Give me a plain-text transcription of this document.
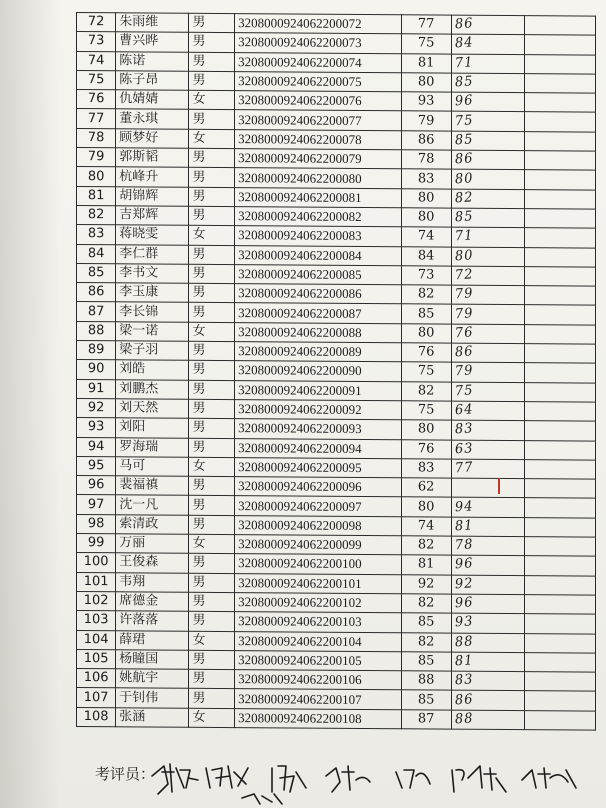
72	朱雨维	男	32080009240622000​72	77	86	
73	曹兴晔	男	3208000924062200073	75	84	
74	陈诺	男	3208000924062200074	81	71	
75	陈子昂	男	3208000924062200075	80	85	
76	仇婧婧	女	3208000924062200076	93	96	
77	董永琪	男	3208000924062200077	79	75	
78	顾梦好	女	3208000924062200078	86	85	
79	郭斯韬	男	3208000924062200079	78	86	
80	杭峰升	男	3208000924062200080	83	80	
81	胡锦辉	男	3208000924062200081	80	82	
82	吉郑辉	男	3208000924062200082	80	85	
83	蒋晓雯	女	3208000924062200083	74	71	
84	李仁群	男	3208000924062200084	84	80	
85	李书文	男	3208000924062200085	73	72	
86	李玉康	男	3208000924062200086	82	79	
87	李长锦	男	3208000924062200087	85	79	
88	梁一诺	女	3208000924062200088	80	76	
89	梁子羽	男	3208000924062200089	76	86	
90	刘皓	男	3208000924062200090	75	79	
91	刘鹏杰	男	3208000924062200091	82	75	
92	刘天然	男	3208000924062200092	75	64	
93	刘阳	男	3208000924062200093	80	83	
94	罗海瑞	男	3208000924062200094	76	63	
95	马可	女	3208000924062200095	83	77	
96	裴福禛	男	3208000924062200096	62		
97	沈一凡	男	3208000924062200097	80	94	
98	索清政	男	3208000924062200098	74	81	
99	万丽	女	3208000924062200099	82	78	
100	王俊森	男	3208000924062200100	81	96	
101	韦翔	男	3208000924062200101	92	92	
102	席德金	男	3208000924062200102	82	96	
103	许落落	男	3208000924062200103	85	93	
104	薛珺	女	3208000924062200104	82	88	
105	杨瞳国	男	3208000924062200105	85	81	
106	姚航宇	男	3208000924062200106	88	83	
107	于钊伟	男	3208000924062200107	85	86	
108	张涵	女	3208000924062200108	87	88	
考评员：
